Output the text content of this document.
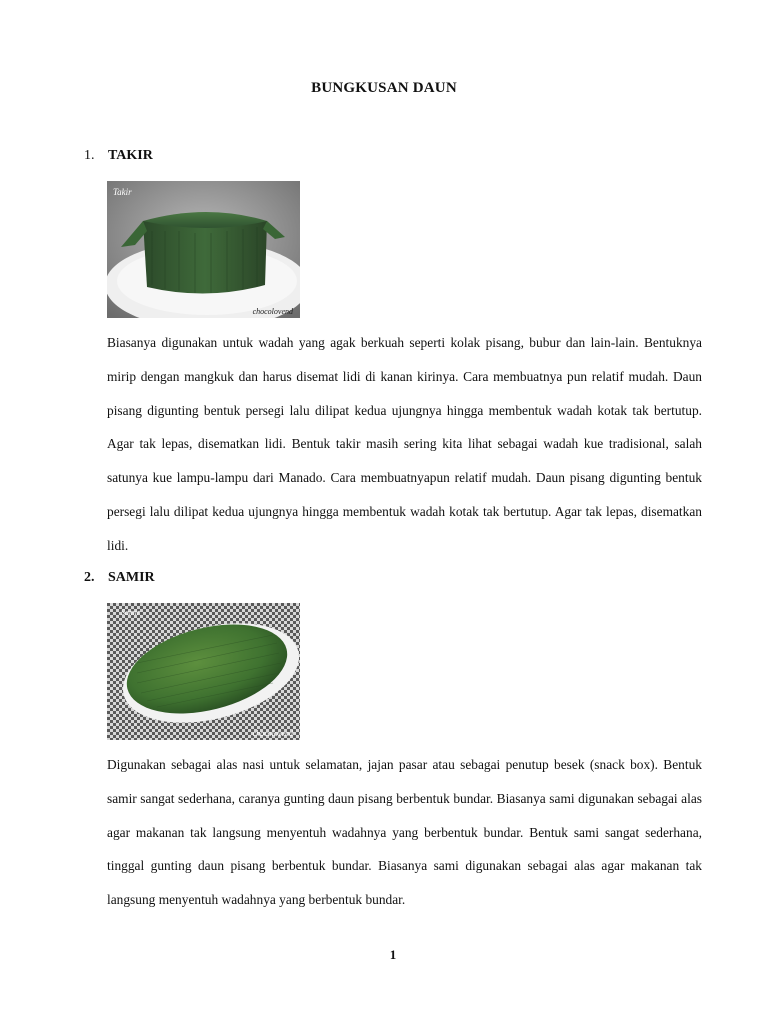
BUNGKUSAN DAUN
1. TAKIR
Takir
chocolovend

Biasanya digunakan untuk wadah yang agak berkuah seperti kolak pisang, bubur dan lain-lain. Bentuknya mirip dengan mangkuk dan harus disemat lidi di kanan kirinya. Cara membuatnya pun relatif mudah. Daun pisang digunting bentuk persegi lalu dilipat kedua ujungnya hingga membentuk wadah kotak tak bertutup. Agar tak lepas, disematkan lidi. Bentuk takir masih sering kita lihat sebagai wadah kue tradisional, salah satunya kue lampu-lampu dari Manado. Cara membuatnyapun relatif mudah. Daun pisang digunting bentuk persegi lalu dilipat kedua ujungnya hingga membentuk wadah kotak tak bertutup. Agar tak lepas, disematkan lidi.

2. SAMIR
Samir
chocolovend

Digunakan sebagai alas nasi untuk selamatan, jajan pasar atau sebagai penutup besek (snack box). Bentuk samir sangat sederhana, caranya gunting daun pisang berbentuk bundar. Biasanya sami digunakan sebagai alas agar makanan tak langsung menyentuh wadahnya yang berbentuk bundar. Bentuk sami sangat sederhana, tinggal gunting daun pisang berbentuk bundar. Biasanya sami digunakan sebagai alas agar makanan tak langsung menyentuh wadahnya yang berbentuk bundar.

1
